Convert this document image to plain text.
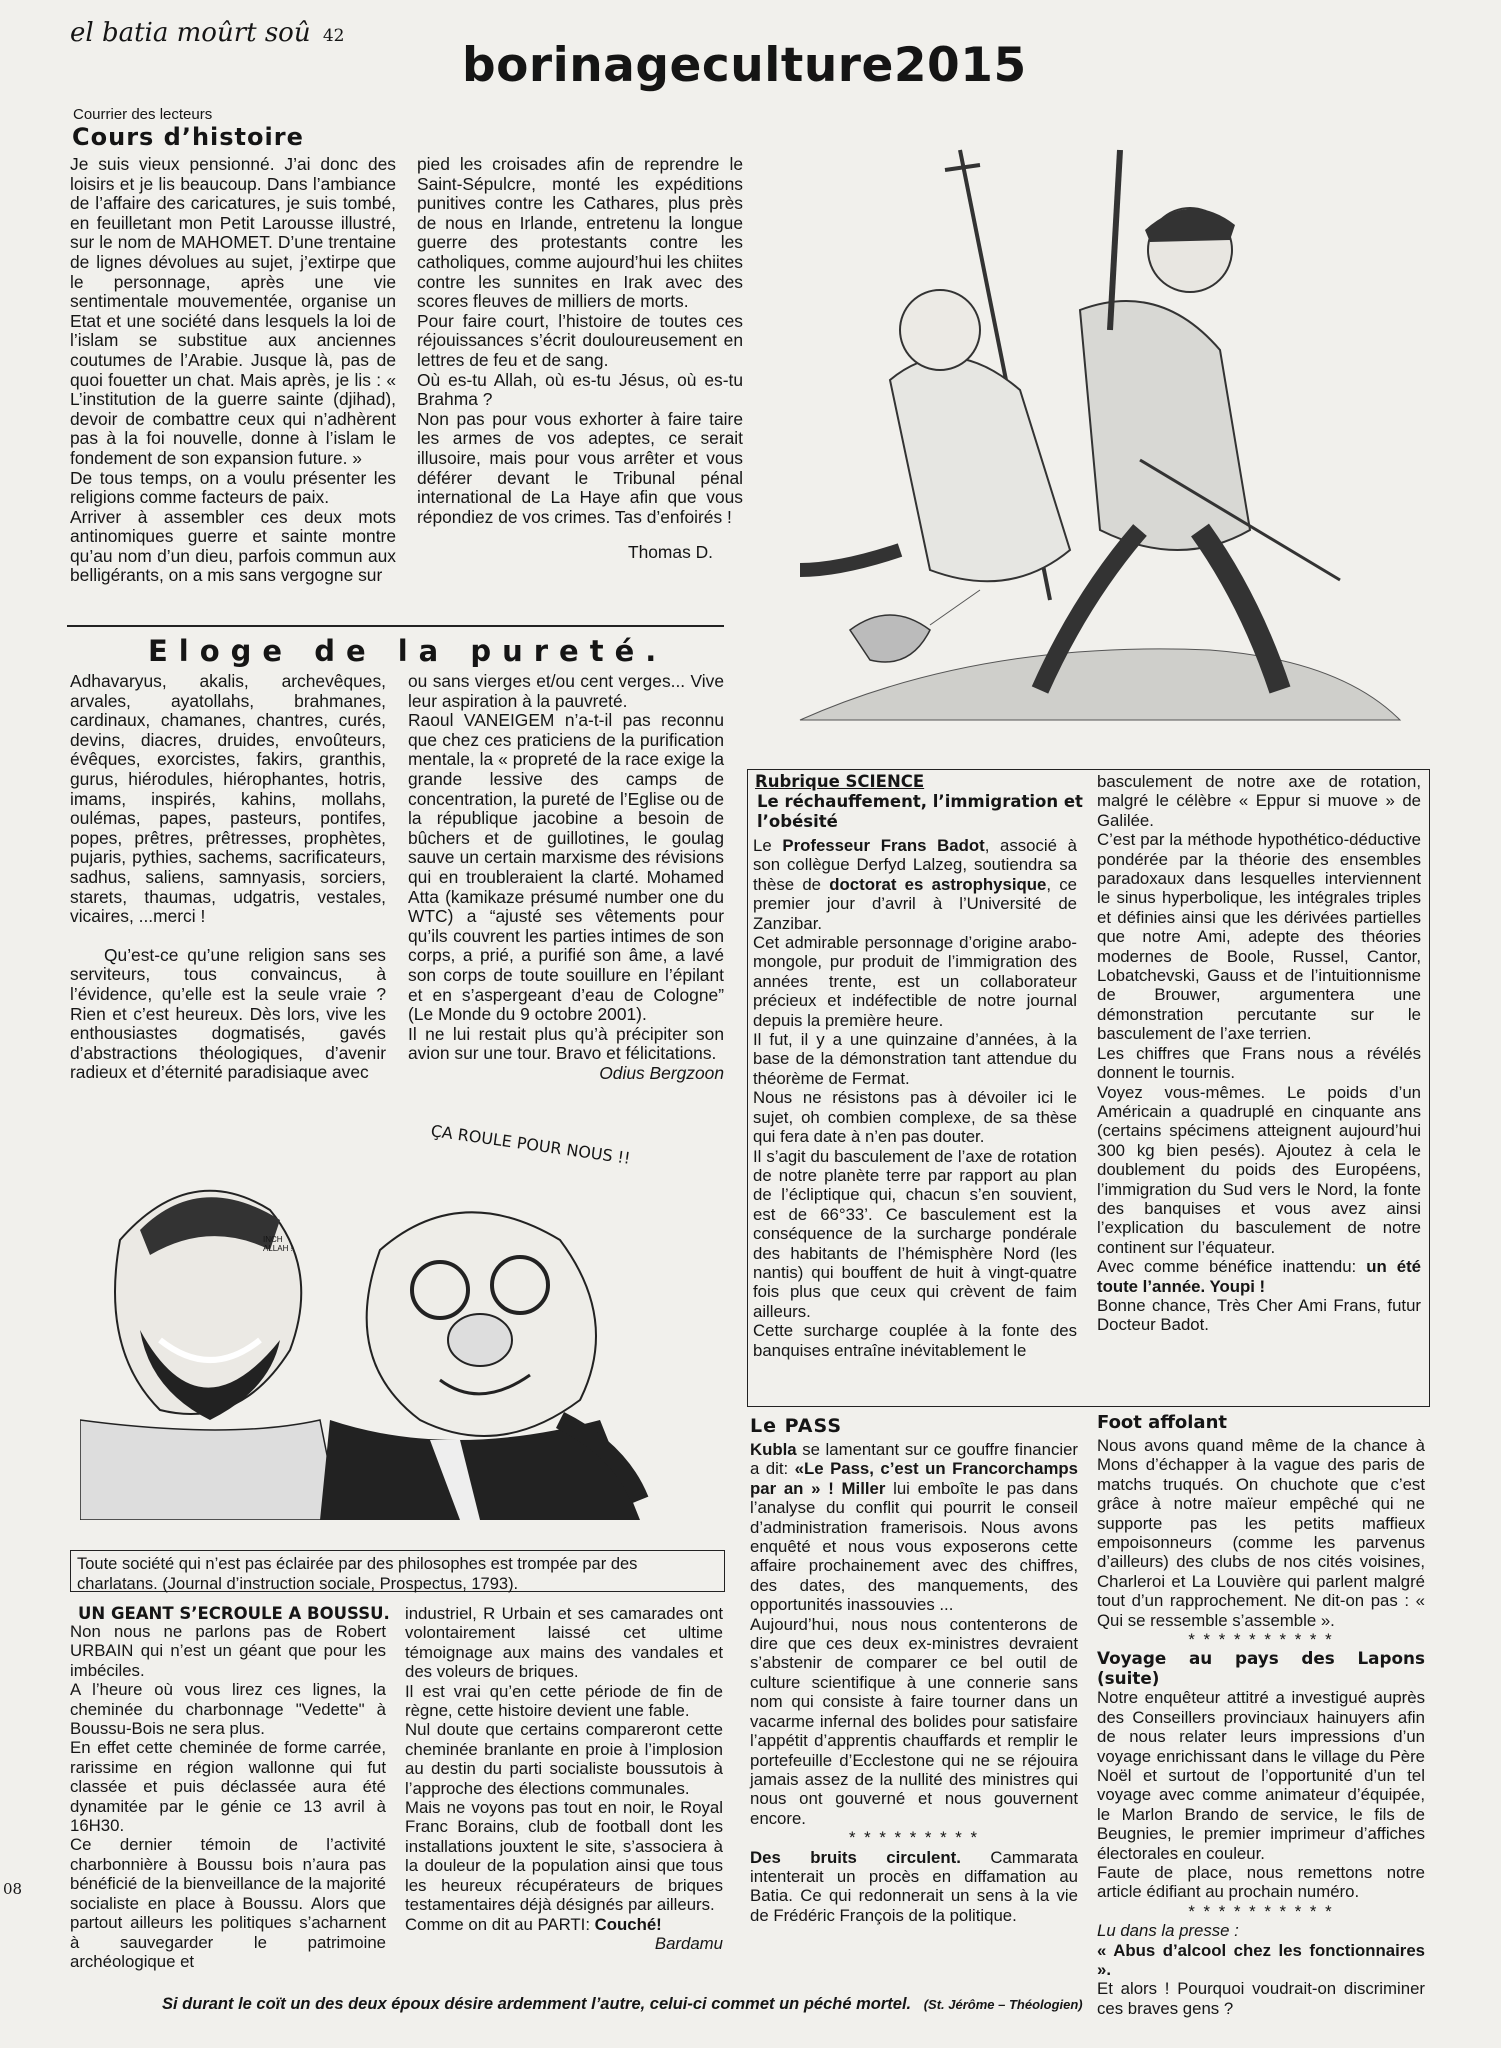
el batia moûrt soû 42
borinageculture2015
Courrier des lecteurs
Cours d’histoire

Je suis vieux pensionné. J’ai donc des loisirs et je lis beaucoup. Dans l’ambiance de l’affaire des caricatures, je suis tombé, en feuilletant mon Petit Larousse illustré, sur le nom de MAHOMET. D’une trentaine de lignes dévolues au sujet, j’extirpe que le personnage, après une vie sentimentale mouvementée, organise un Etat et une société dans lesquels la loi de l’islam se substitue aux anciennes coutumes de l’Arabie. Jusque là, pas de quoi fouetter un chat. Mais après, je lis : « L’institution de la guerre sainte (djihad), devoir de combattre ceux qui n’adhèrent pas à la foi nouvelle, donne à l’islam le fondement de son expansion future. »

De tous temps, on a voulu présenter les religions comme facteurs de paix.

Arriver à assembler ces deux mots antinomiques guerre et sainte montre qu’au nom d’un dieu, parfois commun aux belligérants, on a mis sans vergogne sur

pied les croisades afin de reprendre le Saint-Sépulcre, monté les expéditions punitives contre les Cathares, plus près de nous en Irlande, entretenu la longue guerre des protestants contre les catholiques, comme aujourd’hui les chiites contre les sunnites en Irak avec des scores fleuves de milliers de morts.

Pour faire court, l’histoire de toutes ces réjouissances s’écrit douloureusement en lettres de feu et de sang.

Où es-tu Allah, où es-tu Jésus, où es-tu Brahma ?

Non pas pour vous exhorter à faire taire les armes de vos adeptes, ce serait illusoire, mais pour vous arrêter et vous déférer devant le Tribunal pénal international de La Haye afin que vous répondiez de vos crimes. Tas d’enfoirés !

Thomas D.

Eloge de la pureté.

Adhavaryus, akalis, archevêques, arvales, ayatollahs, brahmanes, cardinaux, chamanes, chantres, curés, devins, diacres, druides, envoûteurs, évêques, exorcistes, fakirs, granthis, gurus, hiérodules, hiérophantes, hotris, imams, inspirés, kahins, mollahs, oulémas, papes, pasteurs, pontifes, popes, prêtres, prêtresses, prophètes, pujaris, pythies, sachems, sacrificateurs, sadhus, saliens, samnyasis, sorciers, starets, thaumas, udgatris, vestales, vicaires, ...merci !

Qu’est-ce qu’une religion sans ses serviteurs, tous convaincus, à l’évidence, qu’elle est la seule vraie ? Rien et c’est heureux. Dès lors, vive les enthousiastes dogmatisés, gavés d’abstractions théologiques, d’avenir radieux et d’éternité paradisiaque avec

ou sans vierges et/ou cent verges... Vive leur aspiration à la pauvreté.

Raoul VANEIGEM n’a-t-il pas reconnu que chez ces praticiens de la purification mentale, la « propreté de la race exige la grande lessive des camps de concentration, la pureté de l’Eglise ou de la république jacobine a besoin de bûchers et de guillotines, le goulag sauve un certain marxisme des révisions qui en troubleraient la clarté. Mohamed Atta (kamikaze présumé number one du WTC) a “ajusté ses vêtements pour qu’ils couvrent les parties intimes de son corps, a prié, a purifié son âme, a lavé son corps de toute souillure en l’épilant et en s’aspergeant d’eau de Cologne” (Le Monde du 9 octobre 2001).

Il ne lui restait plus qu’à précipiter son avion sur une tour. Bravo et félicitations.

Odius Bergzoon

ÇA ROULE POUR NOUS !!
INCH ALLAH !
Toute société qui n’est pas éclairée par des philosophes est trompée par des charlatans. (Journal d’instruction sociale, Prospectus, 1793).
UN GEANT S’ECROULE A BOUSSU.

Non nous ne parlons pas de Robert URBAIN qui n’est un géant que pour les imbéciles.

A l’heure où vous lirez ces lignes, la cheminée du charbonnage "Vedette" à Boussu-Bois ne sera plus.

En effet cette cheminée de forme carrée, rarissime en région wallonne qui fut classée et puis déclassée aura été dynamitée par le génie ce 13 avril à 16H30.

Ce dernier témoin de l’activité charbonnière à Boussu bois n’aura pas bénéficié de la bienveillance de la majorité socialiste en place à Boussu. Alors que partout ailleurs les politiques s’acharnent à sauvegarder le patrimoine archéologique et

industriel, R Urbain et ses camarades ont volontairement laissé cet ultime témoignage aux mains des vandales et des voleurs de briques.

Il est vrai qu’en cette période de fin de règne, cette histoire devient une fable.

Nul doute que certains compareront cette cheminée branlante en proie à l’implosion au destin du parti socialiste boussutois à l’approche des élections communales.

Mais ne voyons pas tout en noir, le Royal Franc Borains, club de football dont les installations jouxtent le site, s’associera à la douleur de la population ainsi que tous les heureux récupérateurs de briques testamentaires déjà désignés par ailleurs.

Comme on dit au PARTI: Couché!

Bardamu

Rubrique SCIENCE
Le réchauffement, l’immigration et l’obésité

Le Professeur Frans Badot, associé à son collègue Derfyd Lalzeg, soutiendra sa thèse de doctorat es astrophysique, ce premier jour d’avril à l’Université de Zanzibar.

Cet admirable personnage d’origine arabo-mongole, pur produit de l’immigration des années trente, est un collaborateur précieux et indéfectible de notre journal depuis la première heure.

Il fut, il y a une quinzaine d’années, à la base de la démonstration tant attendue du théorème de Fermat.

Nous ne résistons pas à dévoiler ici le sujet, oh combien complexe, de sa thèse qui fera date à n’en pas douter.

Il s’agit du basculement de l’axe de rotation de notre planète terre par rapport au plan de l’écliptique qui, chacun s’en souvient, est de 66°33’. Ce basculement est la conséquence de la surcharge pondérale des habitants de l’hémisphère Nord (les nantis) qui bouffent de huit à vingt-quatre fois plus que ceux qui crèvent de faim ailleurs.

Cette surcharge couplée à la fonte des banquises entraîne inévitablement le

basculement de notre axe de rotation, malgré le célèbre « Eppur si muove » de Galilée.

C’est par la méthode hypothético-déductive pondérée par la théorie des ensembles paradoxaux dans lesquelles interviennent le sinus hyperbolique, les intégrales triples et définies ainsi que les dérivées partielles que notre Ami, adepte des théories modernes de Boole, Russel, Cantor, Lobatchevski, Gauss et de l’intuitionnisme de Brouwer, argumentera une démonstration percutante sur le basculement de l’axe terrien.

Les chiffres que Frans nous a révélés donnent le tournis.

Voyez vous-mêmes. Le poids d’un Américain a quadruplé en cinquante ans (certains spécimens atteignent aujourd’hui 300 kg bien pesés). Ajoutez à cela le doublement du poids des Européens, l’immigration du Sud vers le Nord, la fonte des banquises et vous avez ainsi l’explication du basculement de notre continent sur l’équateur.

Avec comme bénéfice inattendu: un été toute l’année. Youpi !

Bonne chance, Très Cher Ami Frans, futur Docteur Badot.

Le PASS

Kubla se lamentant sur ce gouffre financier a dit: «Le Pass, c’est un Francorchamps par an » ! Miller lui emboîte le pas dans l’analyse du conflit qui pourrit le conseil d’administration framerisois. Nous avons enquêté et nous vous exposerons cette affaire prochainement avec des chiffres, des dates, des manquements, des opportunités inassouvies ...

Aujourd’hui, nous nous contenterons de dire que ces deux ex-ministres devraient s’abstenir de comparer ce bel outil de culture scientifique à une connerie sans nom qui consiste à faire tourner dans un vacarme infernal des bolides pour satisfaire l’appétit d’apprentis chauffards et remplir le portefeuille d’Ecclestone qui ne se réjouira jamais assez de la nullité des ministres qui nous ont gouverné et nous gouvernent encore.

* * * * * * * * *

Des bruits circulent. Cammarata intenterait un procès en diffamation au Batia. Ce qui redonnerait un sens à la vie de Frédéric François de la politique.

Foot affolant

Nous avons quand même de la chance à Mons d’échapper à la vague des paris de matchs truqués. On chuchote que c’est grâce à notre maïeur empêché qui ne supporte pas les petits maffieux empoisonneurs (comme les parvenus d’ailleurs) des clubs de nos cités voisines, Charleroi et La Louvière qui parlent malgré tout d’un rapprochement. Ne dit-on pas : « Qui se ressemble s’assemble ».

* * * * * * * * * *

Voyage au pays des Lapons (suite)

Notre enquêteur attitré a investigué auprès des Conseillers provinciaux hainuyers afin de nous relater leurs impressions d’un voyage enrichissant dans le village du Père Noël et surtout de l’opportunité d’un tel voyage avec comme animateur d’équipée, le Marlon Brando de service, le fils de Beugnies, le premier imprimeur d’affiches électorales en couleur.

Faute de place, nous remettons notre article édifiant au prochain numéro.

* * * * * * * * * *

Lu dans la presse :

« Abus d’alcool chez les fonctionnaires ».

Et alors ! Pourquoi voudrait-on discriminer ces braves gens ?

08
Si durant le coït un des deux époux désire ardemment l’autre, celui-ci commet un péché mortel. (St. Jérôme – Théologien)
